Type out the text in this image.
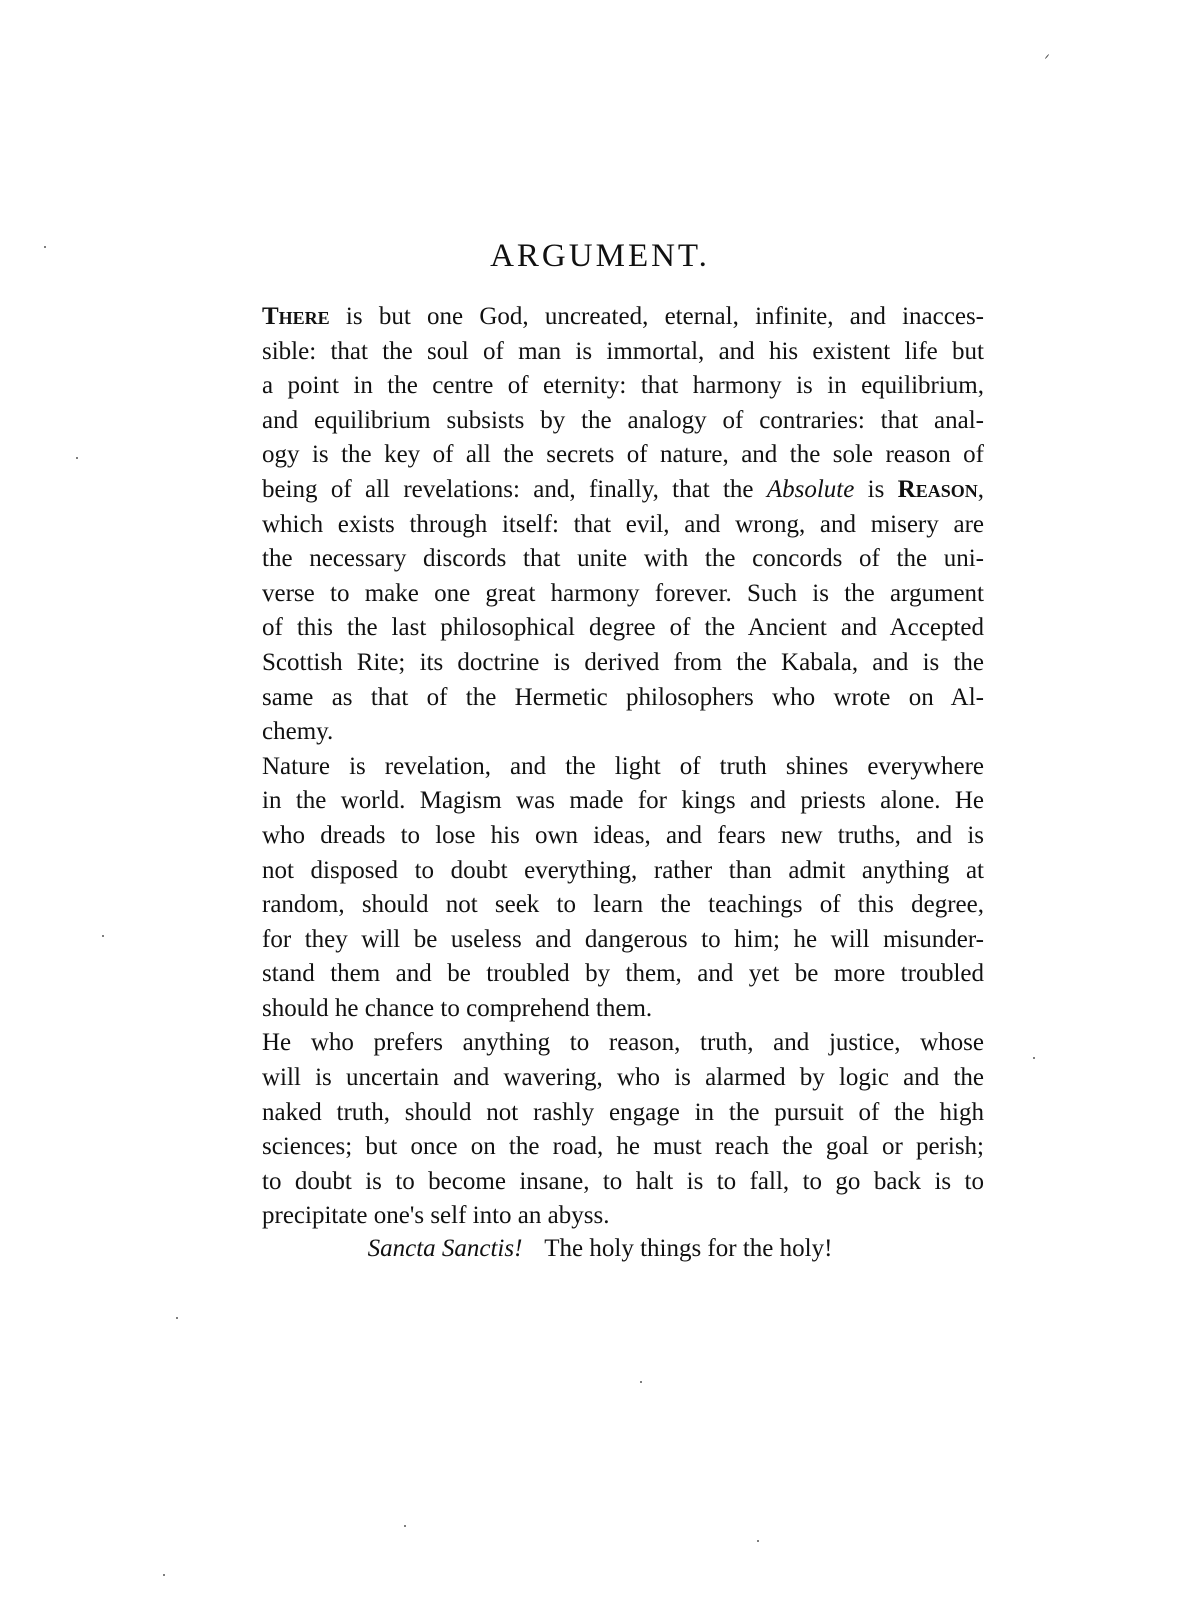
ARGUMENT.
There is but one God, uncreated, eternal, infinite, and inacces-
sible: that the soul of man is immortal, and his existent life but
a point in the centre of eternity: that harmony is in equilibrium,
and equilibrium subsists by the analogy of contraries: that anal-
ogy is the key of all the secrets of nature, and the sole reason of
being of all revelations: and, finally, that the Absolute is Reason,
which exists through itself: that evil, and wrong, and misery are
the necessary discords that unite with the concords of the uni-
verse to make one great harmony forever. Such is the argument
of this the last philosophical degree of the Ancient and Accepted
Scottish Rite; its doctrine is derived from the Kabala, and is the
same as that of the Hermetic philosophers who wrote on Al-
chemy.
Nature is revelation, and the light of truth shines everywhere
in the world. Magism was made for kings and priests alone. He
who dreads to lose his own ideas, and fears new truths, and is
not disposed to doubt everything, rather than admit anything at
random, should not seek to learn the teachings of this degree,
for they will be useless and dangerous to him; he will misunder-
stand them and be troubled by them, and yet be more troubled
should he chance to comprehend them.
He who prefers anything to reason, truth, and justice, whose
will is uncertain and wavering, who is alarmed by logic and the
naked truth, should not rashly engage in the pursuit of the high
sciences; but once on the road, he must reach the goal or perish;
to doubt is to become insane, to halt is to fall, to go back is to
precipitate one's self into an abyss.
Sancta Sanctis! The holy things for the holy!
